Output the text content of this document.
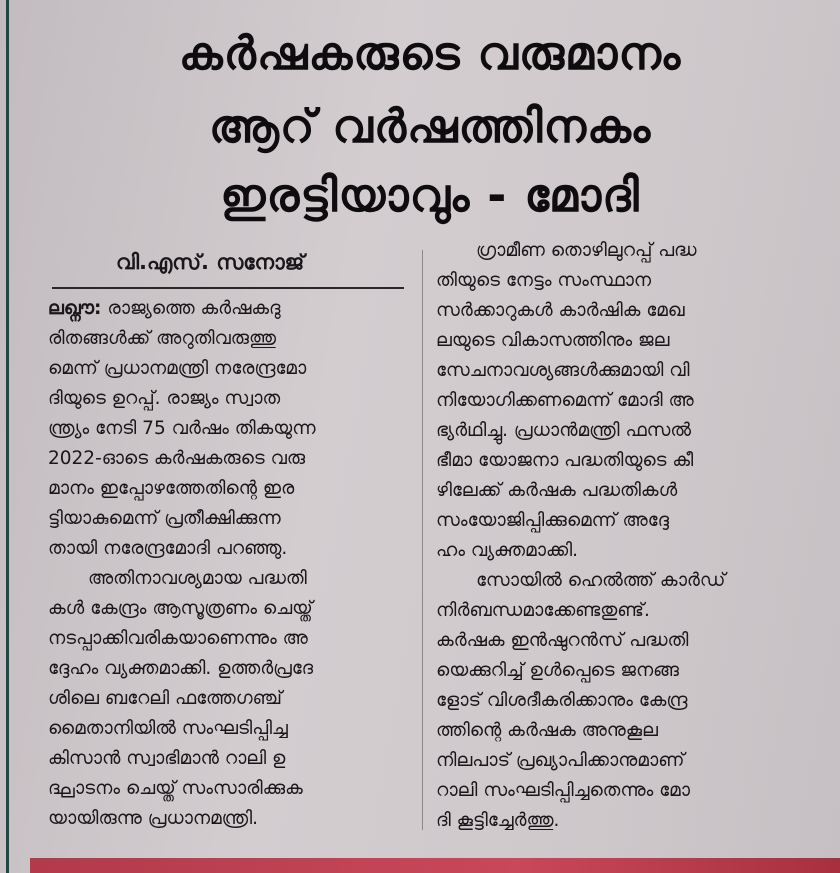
കർഷകരുടെ വരുമാനം
ആറ് വർഷത്തിനകം
ഇരട്ടിയാവും - മോദി
വി.എസ്. സനോജ്
ലഖ്നൗ: രാജ്യത്തെ കർഷകദു
രിതങ്ങൾക്ക് അറുതിവരുത്തു
മെന്ന് പ്രധാനമന്ത്രി നരേന്ദ്രമോ
ദിയുടെ ഉറപ്പ്. രാജ്യം സ്വാത
ന്ത്ര്യം നേടി 75 വർഷം തികയുന്ന
2022-ഓടെ കർഷകരുടെ വരു
മാനം ഇപ്പോഴത്തേതിന്റെ ഇര
ട്ടിയാകുമെന്ന് പ്രതീക്ഷിക്കുന്ന
തായി നരേന്ദ്രമോദി പറഞ്ഞു.
അതിനാവശ്യമായ പദ്ധതി
കൾ കേന്ദ്രം ആസൂത്രണം ചെയ്ത്
നടപ്പാക്കിവരികയാണെന്നും അ
ദ്ദേഹം വ്യക്തമാക്കി. ഉത്തർപ്രദേ
ശിലെ ബറേലി ഫത്തേഗഞ്ച്
മൈതാനിയിൽ സംഘടിപ്പിച്ച
കിസാൻ സ്വാഭിമാൻ റാലി ഉ
ദ്ഘാടനം ചെയ്ത് സംസാരിക്കുക
യായിരുന്നു പ്രധാനമന്ത്രി.
ഗ്രാമീണ തൊഴിലുറപ്പ് പദ്ധ
തിയുടെ നേട്ടം സംസ്ഥാന
സർക്കാറുകൾ കാർഷിക മേഖ
ലയുടെ വികാസത്തിനും ജല
സേചനാവശ്യങ്ങൾക്കുമായി വി
നിയോഗിക്കണമെന്ന് മോദി അ
ഭ്യർഥിച്ചു. പ്രധാൻമന്ത്രി ഫസൽ
ഭീമാ യോജനാ പദ്ധതിയുടെ കീ
ഴിലേക്ക് കർഷക പദ്ധതികൾ
സംയോജിപ്പിക്കുമെന്ന് അദ്ദേ
ഹം വ്യക്തമാക്കി.
സോയിൽ ഹെൽത്ത് കാർഡ്
നിർബന്ധമാക്കേണ്ടതുണ്ട്.
കർഷക ഇൻഷുറൻസ് പദ്ധതി
യെക്കുറിച്ച് ഉൾപ്പെടെ ജനങ്ങ
ളോട് വിശദീകരിക്കാനും കേന്ദ്ര
ത്തിന്റെ കർഷക അനുകൂല
നിലപാട് പ്രഖ്യാപിക്കാനുമാണ്
റാലി സംഘടിപ്പിച്ചതെന്നും മോ
ദി കൂട്ടിച്ചേർത്തു.
